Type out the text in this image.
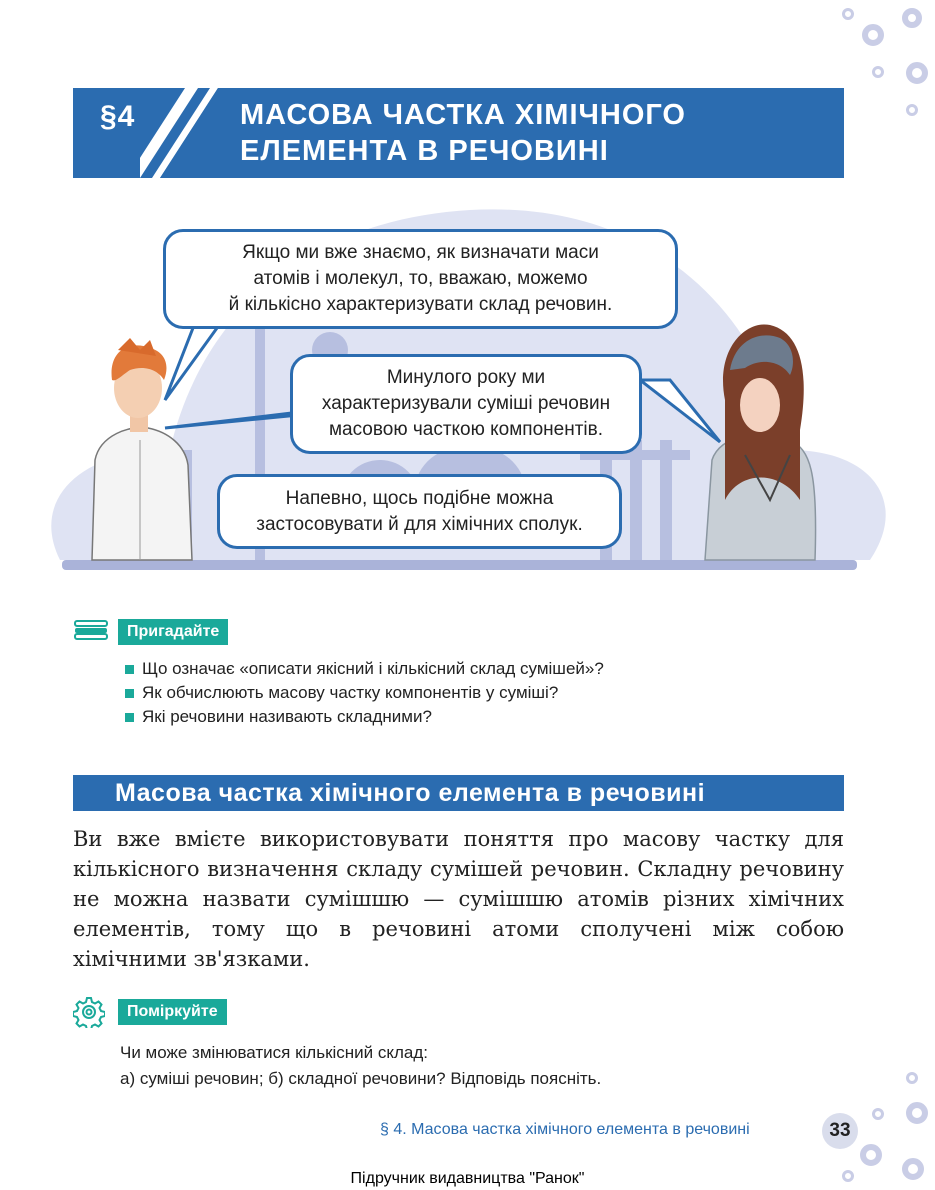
§4	МАСОВА ЧАСТКА ХІМІЧНОГО
ЕЛЕМЕНТА В РЕЧОВИНІ
Якщо ми вже знаємо, як визначати маси
атомів і молекул, то, вважаю, можемо
й кількісно характеризувати склад речовин.
Минулого року ми
характеризували суміші речовин
масовою часткою компонентів.
Напевно, щось подібне можна
застосовувати й для хімічних сполук.
Пригадайте
Що означає «описати якісний і кількісний склад сумішей»?
Як обчислюють масову частку компонентів у суміші?
Які речовини називають складними?
Масова частка хімічного елемента в речовині
Ви вже вмієте використовувати поняття про масову частку для кількісного визначення складу сумішей речовин. Складну речовину не можна назвати сумішшю — сумішшю атомів різних хімічних елементів, тому що в речовині атоми сполучені між собою хімічними зв'язками.
Поміркуйте
Чи може змінюватися кількісний склад:
а) суміші речовин; б) складної речовини? Відповідь поясніть.
§ 4. Масова частка хімічного елемента в речовині	33
Підручник видавництва "Ранок"
